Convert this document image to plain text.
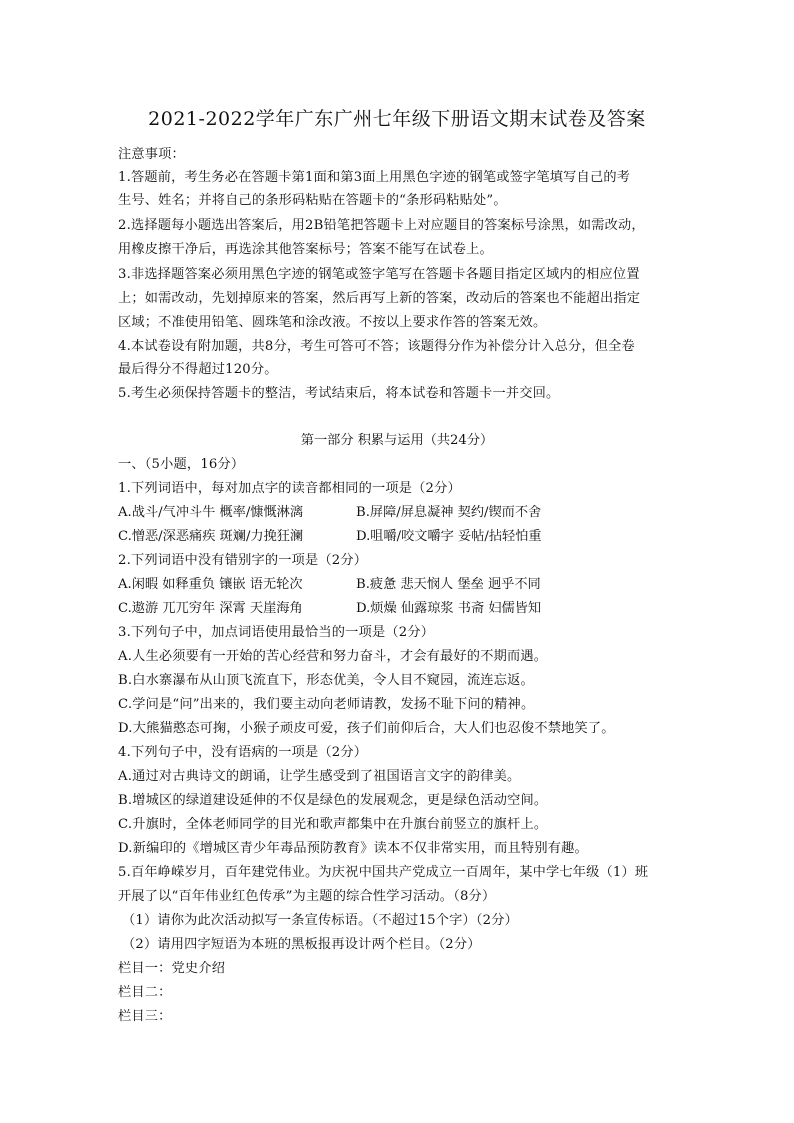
2021-2022学年广东广州七年级下册语文期末试卷及答案
注意事项：
1.答题前，考生务必在答题卡第1面和第3面上用黑色字迹的钢笔或签字笔填写自己的考
生号、姓名；并将自己的条形码粘贴在答题卡的“条形码粘贴处”。
2.选择题每小题选出答案后，用2B铅笔把答题卡上对应题目的答案标号涂黑，如需改动，
用橡皮擦干净后，再选涂其他答案标号；答案不能写在试卷上。
3.非选择题答案必须用黑色字迹的钢笔或签字笔写在答题卡各题目指定区域内的相应位置
上；如需改动，先划掉原来的答案，然后再写上新的答案，改动后的答案也不能超出指定
区域；不准使用铅笔、圆珠笔和涂改液。不按以上要求作答的答案无效。
4.本试卷设有附加题，共8分，考生可答可不答；该题得分作为补偿分计入总分，但全卷
最后得分不得超过120分。
5.考生必须保持答题卡的整洁，考试结束后，将本试卷和答题卡一并交回。
第一部分 积累与运用（共24分）
一、（5小题，16分）
1.下列词语中，每对加点字的读音都相同的一项是（2分）
A.战斗/气冲斗牛 概率/慷慨淋漓	B.屏障/屏息凝神 契约/锲而不舍
C.憎恶/深恶痛疾 斑斓/力挽狂澜	D.咀嚼/咬文嚼字 妥帖/拈轻怕重
2.下列词语中没有错别字的一项是（2分）
A.闲暇 如释重负 镶嵌 语无轮次	B.疲惫 悲天悯人 堡垒 迥乎不同
C.遨游 兀兀穷年 深霄 天崖海角	D.烦燥 仙露琼浆 书斋 妇儒皆知
3.下列句子中，加点词语使用最恰当的一项是（2分）
A.人生必须要有一开始的苦心经营和努力奋斗，才会有最好的不期而遇。
B.白水寨瀑布从山顶飞流直下，形态优美，令人目不窥园，流连忘返。
C.学问是“问”出来的，我们要主动向老师请教，发扬不耻下问的精神。
D.大熊猫憨态可掬，小猴子顽皮可爱，孩子们前仰后合，大人们也忍俊不禁地笑了。
4.下列句子中，没有语病的一项是（2分）
A.通过对古典诗文的朗诵，让学生感受到了祖国语言文字的韵律美。
B.增城区的绿道建设延伸的不仅是绿色的发展观念，更是绿色活动空间。
C.升旗时，全体老师同学的目光和歌声都集中在升旗台前竖立的旗杆上。
D.新编印的《增城区青少年毒品预防教育》读本不仅非常实用，而且特别有趣。
5.百年峥嵘岁月，百年建党伟业。为庆祝中国共产党成立一百周年，某中学七年级（1）班
开展了以“百年伟业红色传承”为主题的综合性学习活动。（8分）
（1）请你为此次活动拟写一条宣传标语。（不超过15个字）（2分）
（2）请用四字短语为本班的黑板报再设计两个栏目。（2分）
栏目一：党史介绍
栏目二：
栏目三：
